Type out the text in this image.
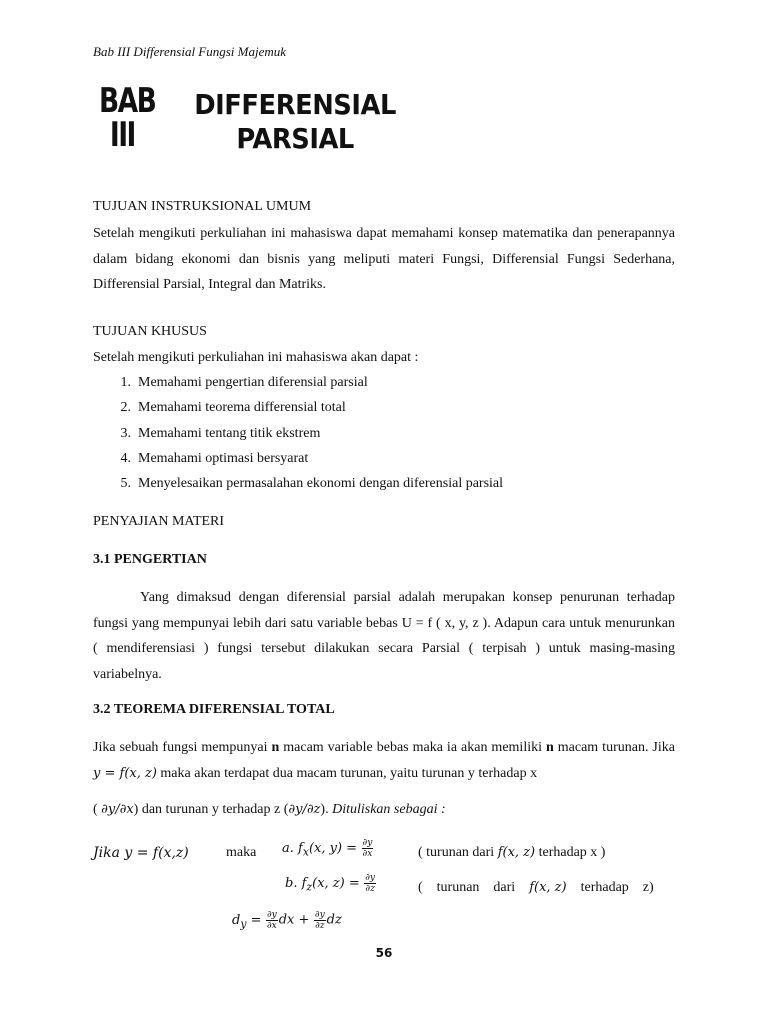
Bab III Differensial Fungsi Majemuk
BAB
III
DIFFERENSIAL
PARSIAL
TUJUAN INSTRUKSIONAL UMUM
Setelah mengikuti perkuliahan ini mahasiswa dapat memahami konsep matematika dan penerapannya dalam bidang ekonomi dan bisnis yang meliputi materi Fungsi, Differensial Fungsi Sederhana, Differensial Parsial, Integral dan Matriks.
TUJUAN KHUSUS
Setelah mengikuti perkuliahan ini mahasiswa akan dapat :
1. Memahami pengertian diferensial parsial
2. Memahami teorema differensial total
3. Memahami tentang titik ekstrem
4. Memahami optimasi bersyarat
5. Menyelesaikan permasalahan ekonomi dengan diferensial parsial
PENYAJIAN MATERI
3.1 PENGERTIAN
Yang dimaksud dengan diferensial parsial adalah merupakan konsep penurunan terhadap fungsi yang mempunyai lebih dari satu variable bebas U = f ( x, y, z ). Adapun cara untuk menurunkan ( mendiferensiasi ) fungsi tersebut dilakukan secara Parsial ( terpisah ) untuk masing-masing variabelnya.
3.2 TEOREMA DIFERENSIAL TOTAL
Jika sebuah fungsi mempunyai n macam variable bebas maka ia akan memiliki n macam turunan. Jika y = f(x, z) maka akan terdapat dua macam turunan, yaitu turunan y terhadap x
( ∂y/∂x) dan turunan y terhadap z (∂y/∂z). Dituliskan sebagai :
Jika y = f(x,z)	maka a. $f_x(x$, $y) = \frac{\partial y}{\partial x}$	( turunan dari f(x, z) terhadap x )
b. $f_z(x$, $z) = \frac{\partial y}{\partial z}$	(    turunan    dari    f(x, z)    terhadap    z)
$d_y = \frac{\partial y}{\partial x}$ dx + $\frac{\partial y}{\partial z}$ dz
56
